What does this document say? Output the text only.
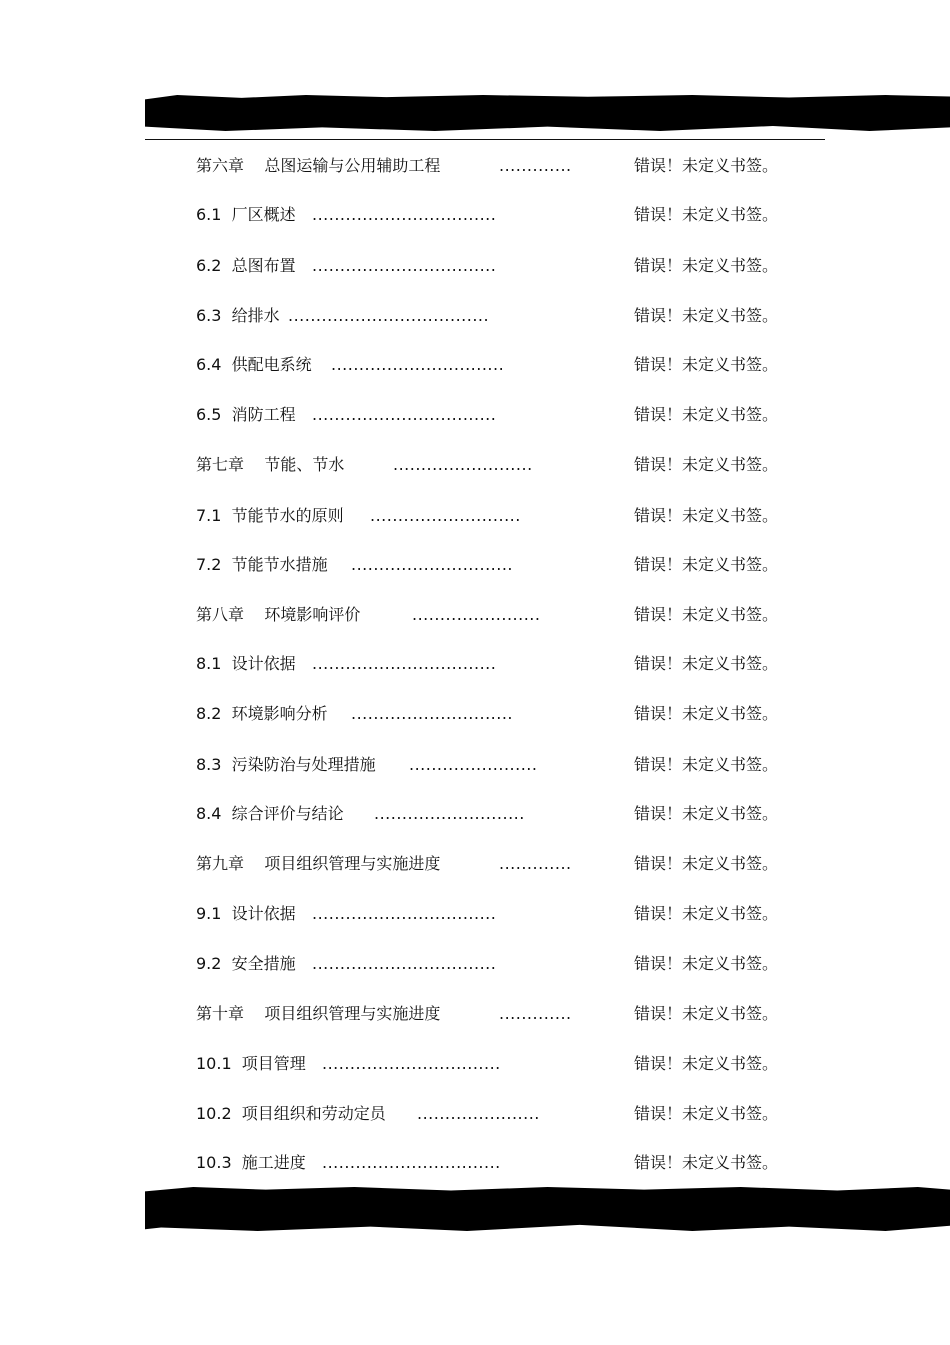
第六章    总图运输与公用辅助工程	.............	错误！未定义书签。
6.1  厂区概述 .................................	错误！未定义书签。
6.2  总图布置 .................................	错误！未定义书签。
6.3  给排水 ....................................	错误！未定义书签。
6.4  供配电系统 ...............................	错误！未定义书签。
6.5  消防工程 .................................	错误！未定义书签。
第七章    节能、节水	.........................	错误！未定义书签。
7.1  节能节水的原则 ...........................	错误！未定义书签。
7.2  节能节水措施 .............................	错误！未定义书签。
第八章    环境影响评价	.......................	错误！未定义书签。
8.1  设计依据 .................................	错误！未定义书签。
8.2  环境影响分析 .............................	错误！未定义书签。
8.3  污染防治与处理措施 .......................	错误！未定义书签。
8.4  综合评价与结论 ...........................	错误！未定义书签。
第九章    项目组织管理与实施进度	.............	错误！未定义书签。
9.1  设计依据 .................................	错误！未定义书签。
9.2  安全措施 .................................	错误！未定义书签。
第十章    项目组织管理与实施进度	.............	错误！未定义书签。
10.1  项目管理 ................................	错误！未定义书签。
10.2  项目组织和劳动定员 ......................	错误！未定义书签。
10.3  施工进度 ................................	错误！未定义书签。
